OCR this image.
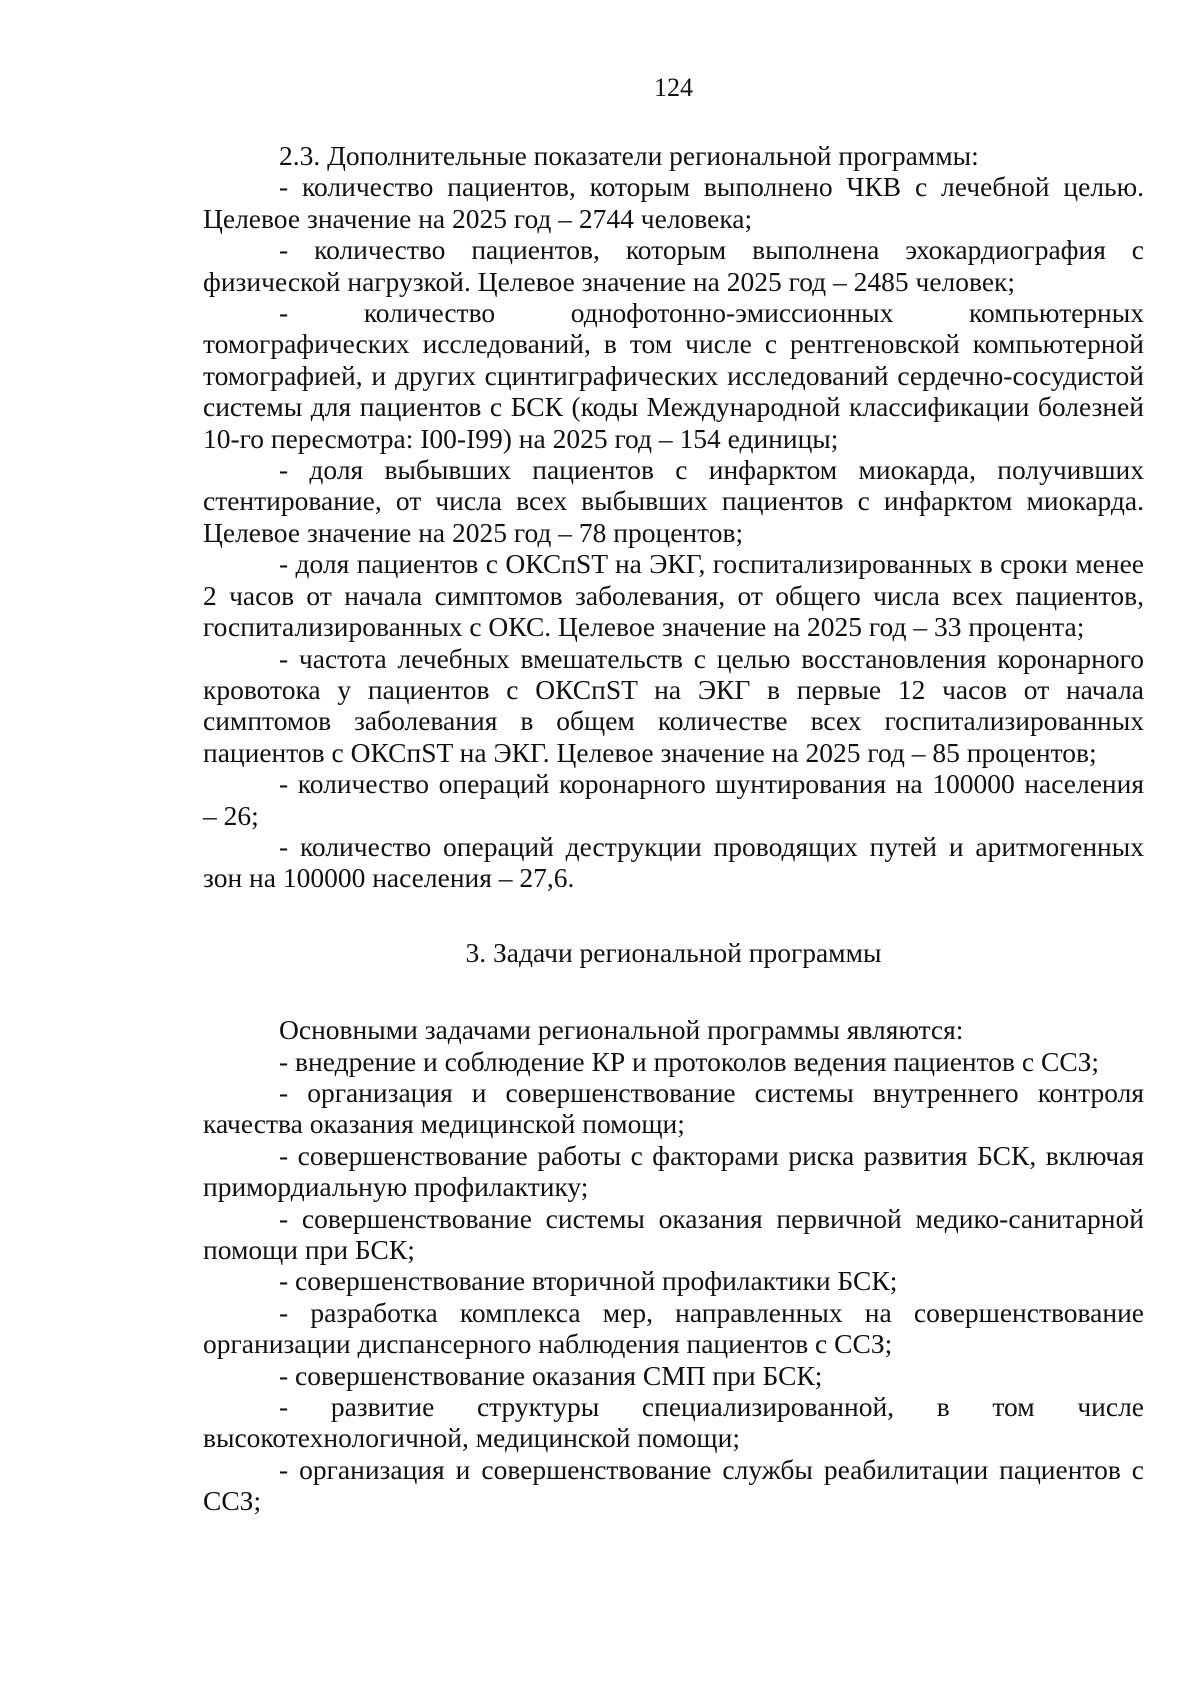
124

2.3. Дополнительные показатели региональной программы:

- количество пациентов, которым выполнено ЧКВ с лечебной целью. Целевое значение на 2025 год – 2744 человека;

- количество пациентов, которым выполнена эхокардиография с физической нагрузкой. Целевое значение на 2025 год – 2485 человек;

- количество однофотонно-эмиссионных компьютерных томографических исследований, в том числе с рентгеновской компьютерной томографией, и других сцинтиграфических исследований сердечно-сосудистой системы для пациентов с БСК (коды Международной классификации болезней 10-го пересмотра: I00-I99) на 2025 год – 154 единицы;

- доля выбывших пациентов с инфарктом миокарда, получивших стентирование, от числа всех выбывших пациентов с инфарктом миокарда. Целевое значение на 2025 год – 78 процентов;

- доля пациентов с ОКСпST на ЭКГ, госпитализированных в сроки менее 2 часов от начала симптомов заболевания, от общего числа всех пациентов, госпитализированных с ОКС. Целевое значение на 2025 год – 33 процента;

- частота лечебных вмешательств с целью восстановления коронарного кровотока у пациентов с ОКСпST на ЭКГ в первые 12 часов от начала симптомов заболевания в общем количестве всех госпитализированных пациентов с ОКСпST на ЭКГ. Целевое значение на 2025 год – 85 процентов;

- количество операций коронарного шунтирования на 100000 населения – 26;

- количество операций деструкции проводящих путей и аритмогенных зон на 100000 населения – 27,6.

3. Задачи региональной программы

Основными задачами региональной программы являются:

- внедрение и соблюдение КР и протоколов ведения пациентов с ССЗ;

- организация и совершенствование системы внутреннего контроля качества оказания медицинской помощи;

- совершенствование работы с факторами риска развития БСК, включая примордиальную профилактику;

- совершенствование системы оказания первичной медико-санитарной помощи при БСК;

- совершенствование вторичной профилактики БСК;

- разработка комплекса мер, направленных на совершенствование организации диспансерного наблюдения пациентов с ССЗ;

- совершенствование оказания СМП при БСК;

- развитие структуры специализированной, в том числе высокотехнологичной, медицинской помощи;

- организация и совершенствование службы реабилитации пациентов с ССЗ;
